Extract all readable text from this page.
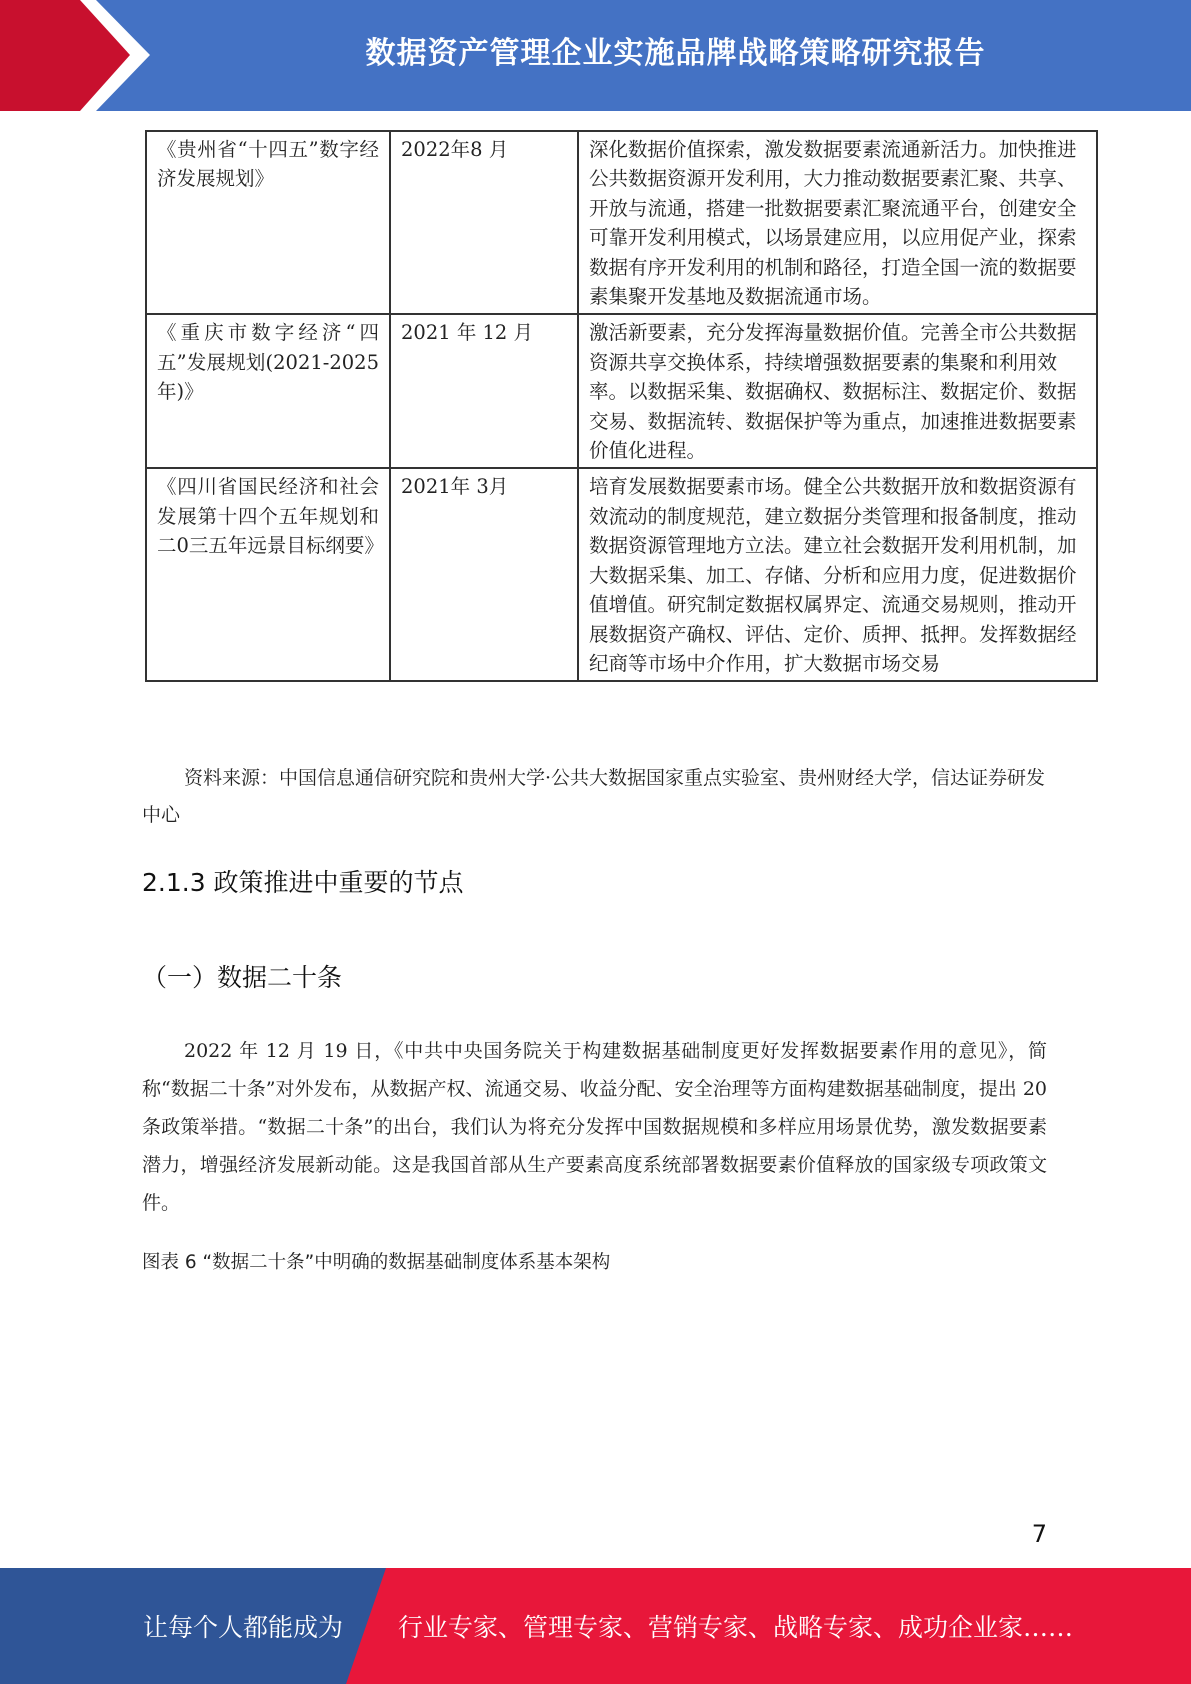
数据资产管理企业实施品牌战略策略研究报告
《贵州省“十四五”数字经济发展规划》	2022年8 月	深化数据价值探索，激发数据要素流通新活力。加快推进公共数据资源开发利用，大力推动数据要素汇聚、共享、开放与流通，搭建一批数据要素汇聚流通平台，创建安全可靠开发利用模式，以场景建应用，以应用促产业，探索数据有序开发利用的机制和路径，打造全国一流的数据要素集聚开发基地及数据流通市场。
《重庆市数字经济“四五”发展规划(2021-2025年)》	2021 年 12 月	激活新要素，充分发挥海量数据价值。完善全市公共数据资源共享交换体系，持续增强数据要素的集聚和利用效率。以数据采集、数据确权、数据标注、数据定价、数据交易、数据流转、数据保护等为重点，加速推进数据要素价值化进程。
《四川省国民经济和社会发展第十四个五年规划和二0三五年远景目标纲要》	2021年 3月	培育发展数据要素市场。健全公共数据开放和数据资源有效流动的制度规范，建立数据分类管理和报备制度，推动数据资源管理地方立法。建立社会数据开发利用机制，加大数据采集、加工、存储、分析和应用力度，促进数据价值增值。研究制定数据权属界定、流通交易规则，推动开展数据资产确权、评估、定价、质押、抵押。发挥数据经纪商等市场中介作用，扩大数据市场交易
资料来源：中国信息通信研究院和贵州大学·公共大数据国家重点实验室、贵州财经大学，信达证券研发中心
2.1.3 政策推进中重要的节点
（一）数据二十条
2022 年 12 月 19 日，《中共中央国务院关于构建数据基础制度更好发挥数据要素作用的意见》，简称“数据二十条”对外发布，从数据产权、流通交易、收益分配、安全治理等方面构建数据基础制度，提出 20 条政策举措。“数据二十条”的出台，我们认为将充分发挥中国数据规模和多样应用场景优势，激发数据要素潜力，增强经济发展新动能。这是我国首部从生产要素高度系统部署数据要素价值释放的国家级专项政策文件。
图表 6 “数据二十条”中明确的数据基础制度体系基本架构
7
让每个人都能成为 行业专家、管理专家、营销专家、战略专家、成功企业家……
